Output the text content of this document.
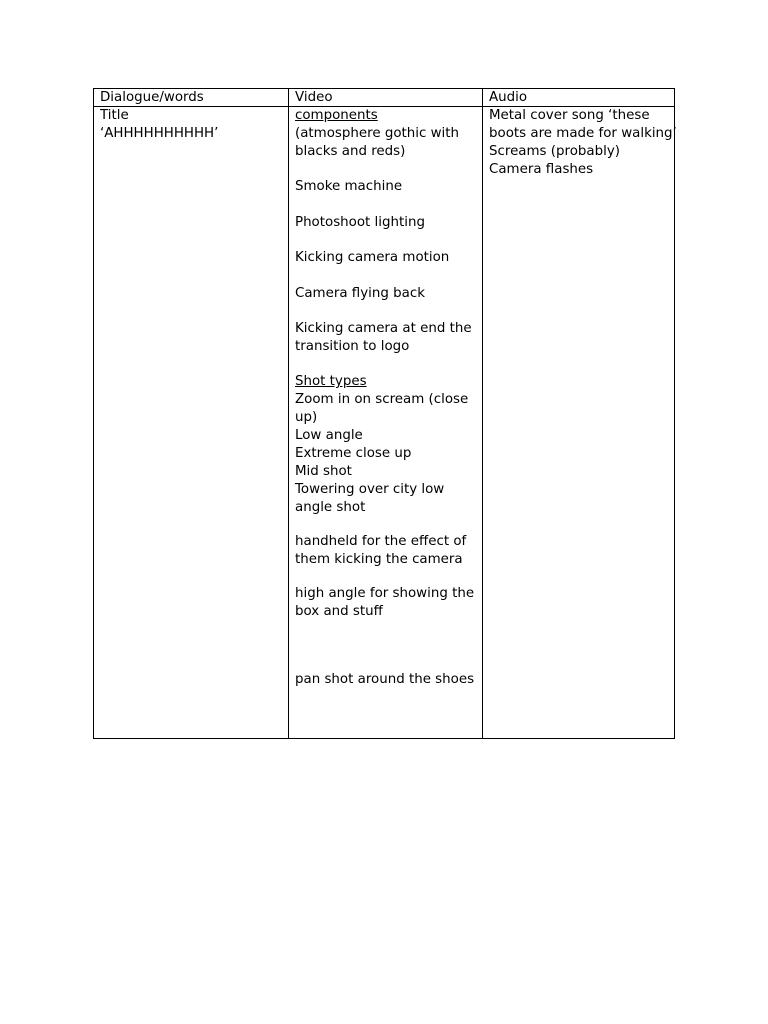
Dialogue/words
Title
‘AHHHHHHHHHH’
Video
components
(atmosphere gothic with
blacks and reds)
Smoke machine
Photoshoot lighting
Kicking camera motion
Camera flying back
Kicking camera at end the
transition to logo
Shot types
Zoom in on scream (close
up)
Low angle
Extreme close up
Mid shot
Towering over city low
angle shot
handheld for the effect of
them kicking the camera
high angle for showing the
box and stuff
pan shot around the shoes
Audio
Metal cover song ‘these
boots are made for walking’
Screams (probably)
Camera flashes
